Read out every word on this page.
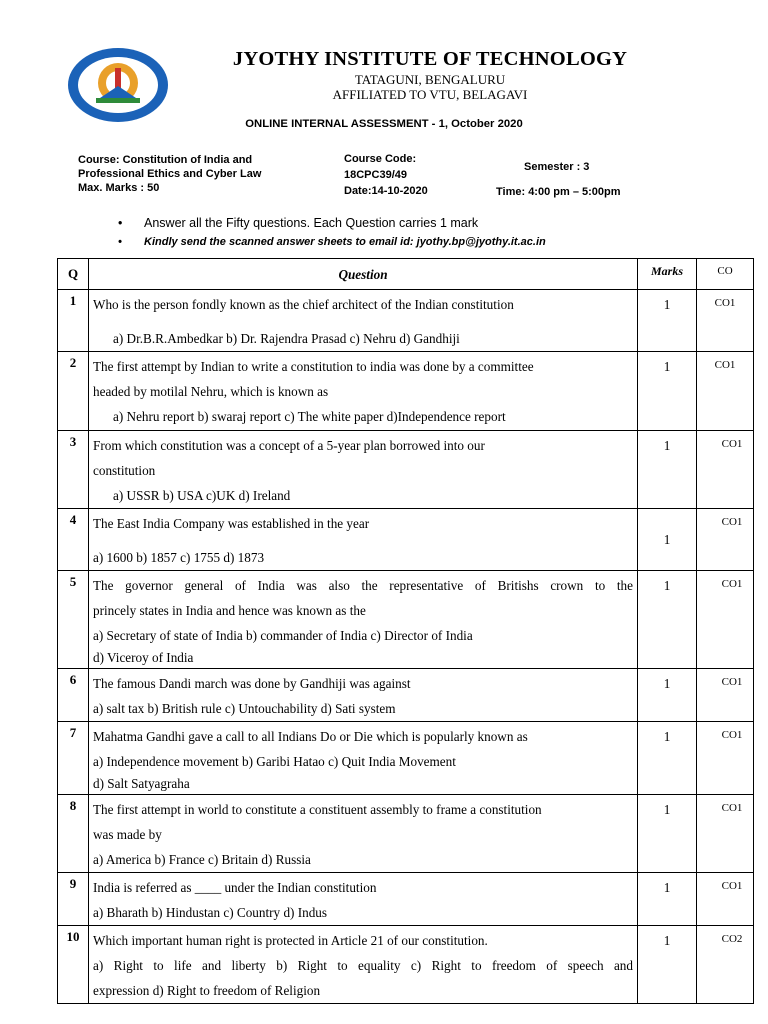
JYOTHY INSTITUTE OF TECHNOLOGY
TATAGUNI, BENGALURU
AFFILIATED TO VTU, BELAGAVI
ONLINE INTERNAL ASSESSMENT - 1, October 2020
Course: Constitution of India and
Professional Ethics and Cyber Law
Max. Marks : 50
Course Code:
18CPC39/49
Date:14-10-2020
Semester : 3
Time: 4:00 pm – 5:00pm
• Answer all the Fifty questions. Each Question carries 1 mark
• Kindly send the scanned answer sheets to email id: jyothy.bp@jyothy.it.ac.in
Q	Question	Marks	CO
1	Who is the person fondly known as the chief architect of the Indian constitution
a) Dr.B.R.Ambedkar b) Dr. Rajendra Prasad c) Nehru d) Gandhiji	1	CO1

2	The first attempt by Indian to write a constitution to india was done by a committee
headed by motilal Nehru, which is known as
a) Nehru report b) swaraj report c) The white paper d)Independence report	1	CO1

3	From which constitution was a concept of a 5-year plan borrowed into our
constitution
a) USSR b) USA c)UK d) Ireland	1	CO1

4	The East India Company was established in the year
a) 1600 b) 1857 c) 1755 d) 1873	1	CO1

5	The governor general of India was also the representative of Britishs crown to the
princely states in India and hence was known as the
a) Secretary of state of India b) commander of India c) Director of India
d) Viceroy of India	1	CO1

6	The famous Dandi march was done by Gandhiji was against
a) salt tax b) British rule c) Untouchability d) Sati system	1	CO1

7	Mahatma Gandhi gave a call to all Indians Do or Die which is popularly known as
a) Independence movement b) Garibi Hatao c) Quit India Movement
d) Salt Satyagraha	1	CO1

8	The first attempt in world to constitute a constituent assembly to frame a constitution
was made by
a) America b) France c) Britain d) Russia	1	CO1

9	India is referred as ____ under the Indian constitution
a) Bharath b) Hindustan c) Country d) Indus	1	CO1

10	Which important human right is protected in Article 21 of our constitution.
a) Right to life and liberty b) Right to equality c) Right to freedom of speech and
expression d) Right to freedom of Religion	1	CO2
